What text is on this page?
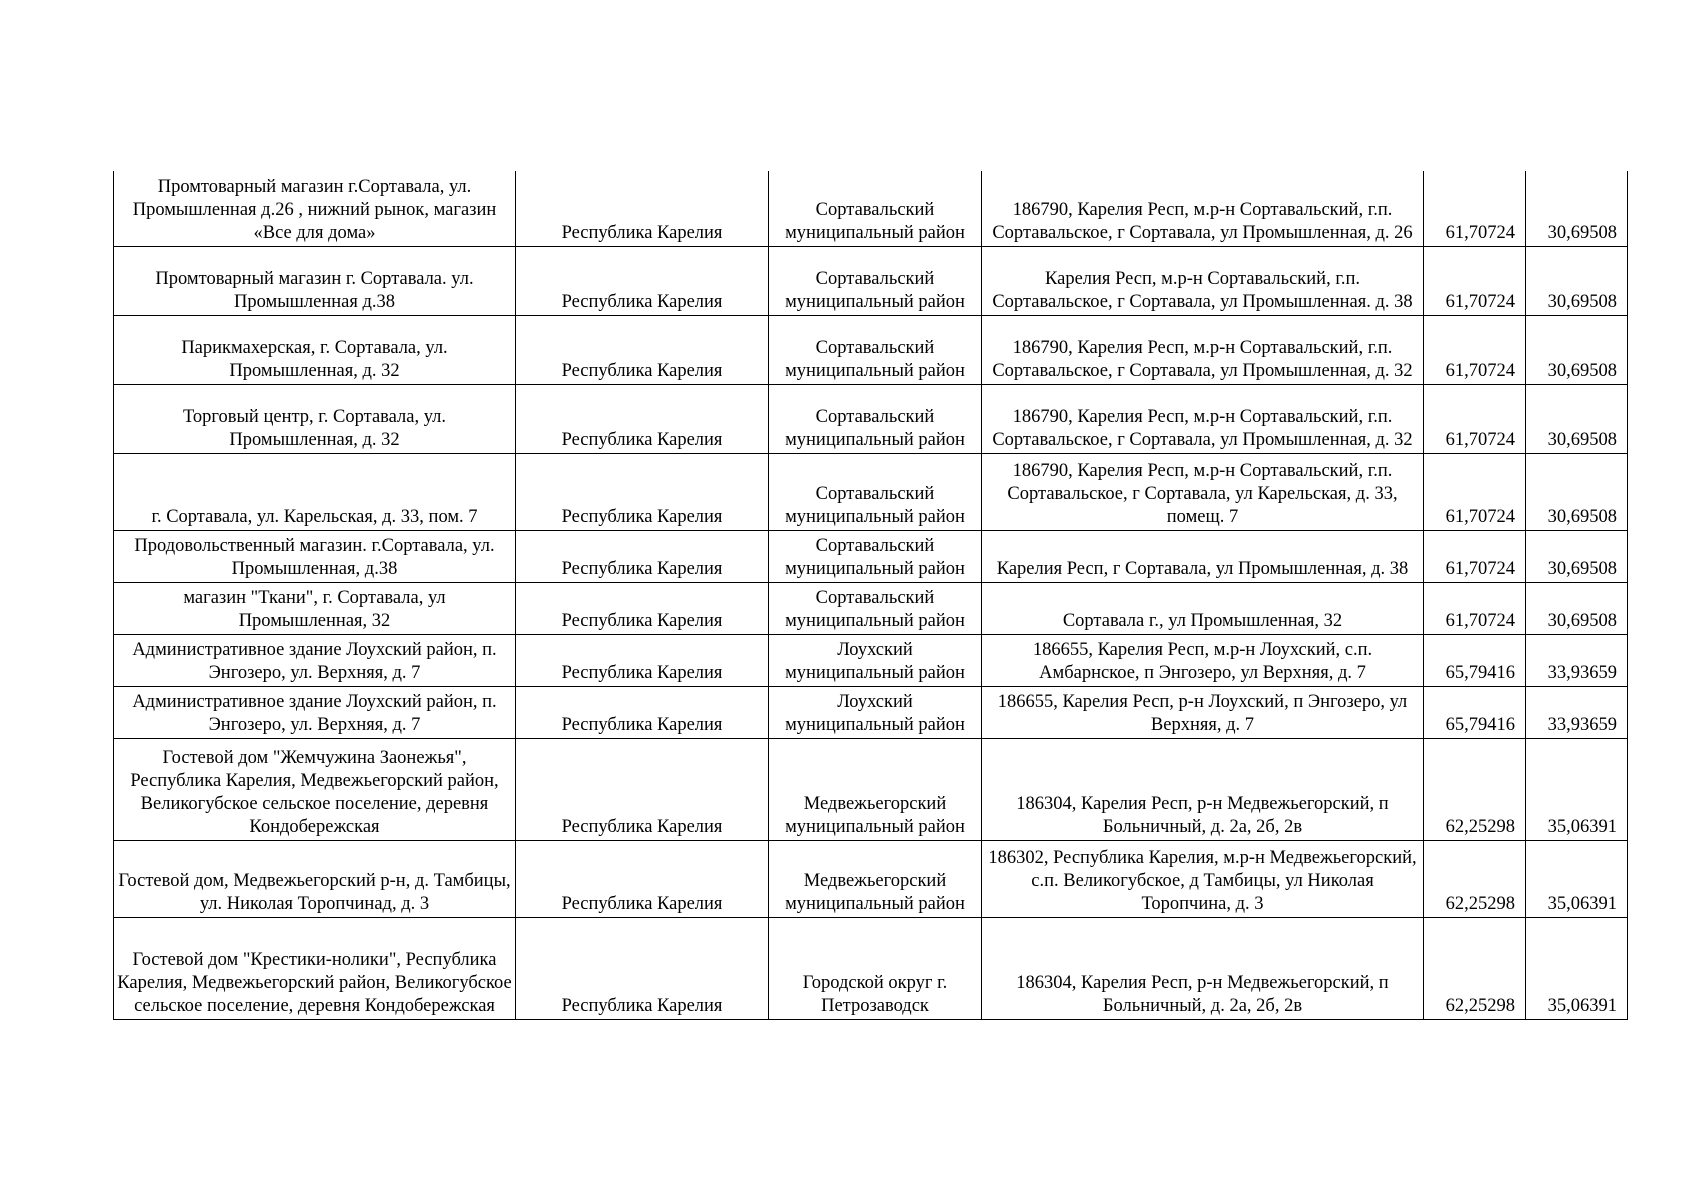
Промтоварный магазин г.Сортавала, ул. Промышленная д.26 , нижний рынок, магазин «Все для дома»	Республика Карелия	Сортавальский муниципальный район	186790, Карелия Респ, м.р-н Сортавальский, г.п. Сортавальское, г Сортавала, ул Промышленная, д. 26	61,70724	30,69508
Промтоварный магазин г. Сортавала. ул. Промышленная д.38	Республика Карелия	Сортавальский муниципальный район	Карелия Респ, м.р-н Сортавальский, г.п. Сортавальское, г Сортавала, ул Промышленная. д. 38	61,70724	30,69508
Парикмахерская, г. Сортавала, ул. Промышленная, д. 32	Республика Карелия	Сортавальский муниципальный район	186790, Карелия Респ, м.р-н Сортавальский, г.п. Сортавальское, г Сортавала, ул Промышленная, д. 32	61,70724	30,69508
Торговый центр, г. Сортавала, ул. Промышленная, д. 32	Республика Карелия	Сортавальский муниципальный район	186790, Карелия Респ, м.р-н Сортавальский, г.п. Сортавальское, г Сортавала, ул Промышленная, д. 32	61,70724	30,69508
г. Сортавала, ул. Карельская, д. 33, пом. 7	Республика Карелия	Сортавальский муниципальный район	186790, Карелия Респ, м.р-н Сортавальский, г.п. Сортавальское, г Сортавала, ул Карельская, д. 33, помещ. 7	61,70724	30,69508
Продовольственный магазин. г.Сортавала, ул. Промышленная, д.38	Республика Карелия	Сортавальский муниципальный район	Карелия Респ, г Сортавала, ул Промышленная, д. 38	61,70724	30,69508
магазин "Ткани", г. Сортавала, ул Промышленная, 32	Республика Карелия	Сортавальский муниципальный район	Сортавала г., ул Промышленная, 32	61,70724	30,69508
Административное здание Лоухский район, п. Энгозеро, ул. Верхняя, д. 7	Республика Карелия	Лоухский муниципальный район	186655, Карелия Респ, м.р-н Лоухский, с.п. Амбарнское, п Энгозеро, ул Верхняя, д. 7	65,79416	33,93659
Административное здание Лоухский район, п. Энгозеро, ул. Верхняя, д. 7	Республика Карелия	Лоухский муниципальный район	186655, Карелия Респ, р-н Лоухский, п Энгозеро, ул Верхняя, д. 7	65,79416	33,93659
Гостевой дом "Жемчужина Заонежья", Республика Карелия, Медвежьегорский район, Великогубское сельское поселение, деревня Кондобережская	Республика Карелия	Медвежьегорский муниципальный район	186304, Карелия Респ, р-н Медвежьегорский, п Больничный, д. 2а, 2б, 2в	62,25298	35,06391
Гостевой дом, Медвежьегорский р-н, д. Тамбицы, ул. Николая Торопчинад, д. 3	Республика Карелия	Медвежьегорский муниципальный район	186302, Республика Карелия, м.р-н Медвежьегорский, с.п. Великогубское, д Тамбицы, ул Николая Торопчина, д. 3	62,25298	35,06391
Гостевой дом "Крестики-нолики", Республика Карелия, Медвежьегорский район, Великогубское сельское поселение, деревня Кондобережская	Республика Карелия	Городской округ г. Петрозаводск	186304, Карелия Респ, р-н Медвежьегорский, п Больничный, д. 2а, 2б, 2в	62,25298	35,06391
